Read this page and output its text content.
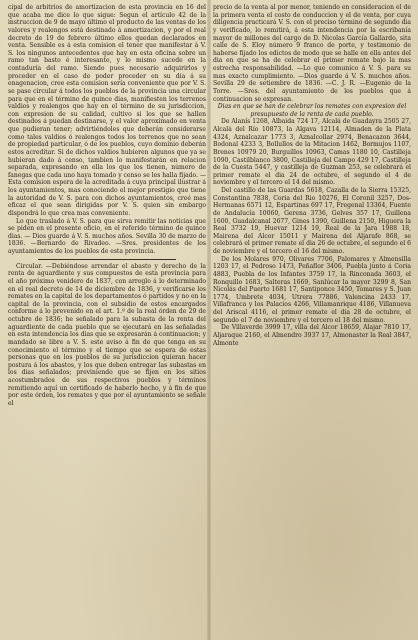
cipal de arbitrios de amortizacion de esta provincia en 16 del que acaba me dice lo que sigue: Segun el artículo 42 de la instruccion de 9 de mayo último el producto de las ventas de los valores y realengos está destinado á amortizacion, y por el real decreto de 19 de febrero último ellos quedan declarados en venta. Sensible es á esta comision el tener que manifestar á V. S. los ningunos antecedentes que hay en esta oficina sobre un ramo tan basto é interesante, y lo mismo sucede en la contaduría del ramo. Siendo pues necesario adquirirlos y proceder en el caso de poder proceder en su dia á su enagenacion, cree esta comision sería conveniente que por V. S. se pase circular á todos los pueblos de la provincia una circular para que en el término de quince dias, manifiesten los terrenos valdios y realengos que hay en el término de su jurisdiccion, con expresion de su calidad, cultivo si los que se hallen destinados á puedan destinarse, y el valor aproximado en venta que pudieran tener; advirtiéndoles que deberán considerarse como tales valdios ó realengos todos los terrenos que no sean de propiedad particular, ó de los pueblos, cuyo dominio deberán estos acreditar. Si de dichos valdios hubieren algunos que ya se hubieran dado á censo, tambien lo manifestarán en relacion separada, expresando en ella los que los tienen, número de fanegas que cada uno haya tomado y censo se les halla fijado. —Esta comision espera de la acreditada á cuya principal ilustrar á los ayuntamientos, mas conociendo el mejor prestigio que tiene la autoridad de V. S. para con dichos ayuntamientos, creé mas eficaz el que sean dirigidas por V. S. quien sin embargo dispondrá lo que crea mas conveniente.

Lo que traslado á V. S. para que sirva remitir las noticias que se piden en el presente oficio, en el referido término de quince dias. — Dios guarde á V. S. muchos años. Sevilla 30 de marzo de 1836. —Bernardo de Rivadeo. —Sres. presidentes de los ayuntamientos de los pueblos de esta provincia.

Circular. —Debiéndose arrendar el abasto y derecho de la renta de aguardiente y sus compuestos de esta provincia para el año próximo venidero de 1837, con arreglo á lo determinado en el real decreto de 14 de diciembre de 1836, y verificarse los remates en la capital de los departamentos ó partidos y no en la capital de la provincia, con el subsidio de estos encargados conforme á lo prevenido en el art. 1.º de la real órden de 29 de octubre de 1836; he señalado para la subasta de la renta del aguardiente de cada pueblo que se ejecutará en las señaladas en esta intendencia los dias que se expresarán á continuacion; y mandado se libre a V. S. este aviso á fin de que tenga en su conocimiento el término y el tiempo que se espera de estas personas que en los pueblos de su jurisdiccion quieran hacer postura á los abastos, y los que deben entregar las subastas en los dias señalados; previniendo que se fijen en los sitios acostumbrados de sus respectivos pueblos y términos remitiendo aquí un certificado de haberlo hecho, y á fin de que por este órden, los remates y que por el ayuntamiento se señale el

precio de la venta al por menor, teniendo en consideracion el de la primera venta el costo de conduccion y el de venta, por cuya diligencia practicará V. S. con el preciso término de segundo dia y verificado, lo remitirá, á esta intendencia por la escribanía mayor de millones del cargo de D. Nicolas García Gallardo, sita calle de S. Eloy número 9 franco de porte, y testimonio de haberse fijado los edictos de modo que se halle en ella antes del dia en que se ha de celebrar el primer remate bajo la mas estrecha responsabilidad. —Lo que comunico á V. S. para su mas exacto cumplimiento. —Dios guarde á V. S. muchos años. Sevilla 29 de setiembre de 1836. —C. J. R. —Eugenio de la Torre. —Sres. del ayuntamiento de los pueblos que á continuacion se expresan.

Dias en que se han de celebrar los remates con expresion del presupuesto de la renta de cada pueblo.

De Alanís 1268, Albaida 724 17, Alcalá de Guadayra 2505 27, Alcalá del Río 10873, la Algava 12114, Almaden de la Plata 4324, Aznalcazar 1773 3, Aznalcollar 2974, Benacazon 3644, Bodonal 4233 3, Bollullos de la Mitacion 1462, Bormujos 1107, Brenes 10979 20, Burguillos 10963, Camas 1180 10, Castilleja 1090, Castilblanco 3800, Castilleja del Campo 429 17, Castilleja de la Cuesta 5447, y castilleja de Guzman 253, se celebrará el primer remate el dia 24 de octubre, el segundo el 4 de noviembre y el tercero el 14 del mismo.

Del castillo de las Guardas 5618, Cazalla de la Sierra 15325, Constantina 7838, Coria del Rio 10276, El Coronil 3257, Dos-Hermanas 6571 12, Espartinas 697 17, Fregenal 13364, Fuente de Andalucía 10060, Gerena 3736, Gelves 357 17, Guillena 1600, Guadalcanal 2677, Gines 1390, Guillena 2150, Higuera la Real 3732 19, Huevar 1214 19, Real de la Jara 1988 18, Mairena del Alcor 15011 y Mairena del Aljarafe 868, se celebrará el primer remate el dia 26 de octubre, el segundo el 6 de noviembre y el tercero el 16 del mismo.

De los Molares 970, Olivares 7706, Palomares y Almensilla 1203 17, el Pedroso 1473, Peñaflor 3406, Puebla junto á Coria 4883, Puebla de los Infantes 3759 17, la Rinconada 3603, el Ronquillo 1683, Salteras 1669, Sanlúcar la mayor 3299 8, San Nicolás del Puerto 1681 17, Santiponce 3450, Tomares y S. Juan 1774, Umbrete 4034, Utrera 77886, Valencina 2433 17, Villafranca y los Palacios 4266, Villamanrique 4186, Villanueva del Ariscal 4116, el primer remate el dia 28 de octubre, el segundo el 7 de noviembre y el tercero el 18 del mismo.

De Villaverde 3999 17, villa del Alcor 18659, Alajar 7810 17, Aljaraque 2160, el Almendro 3937 17, Almonaster la Real 3847, Almonte
